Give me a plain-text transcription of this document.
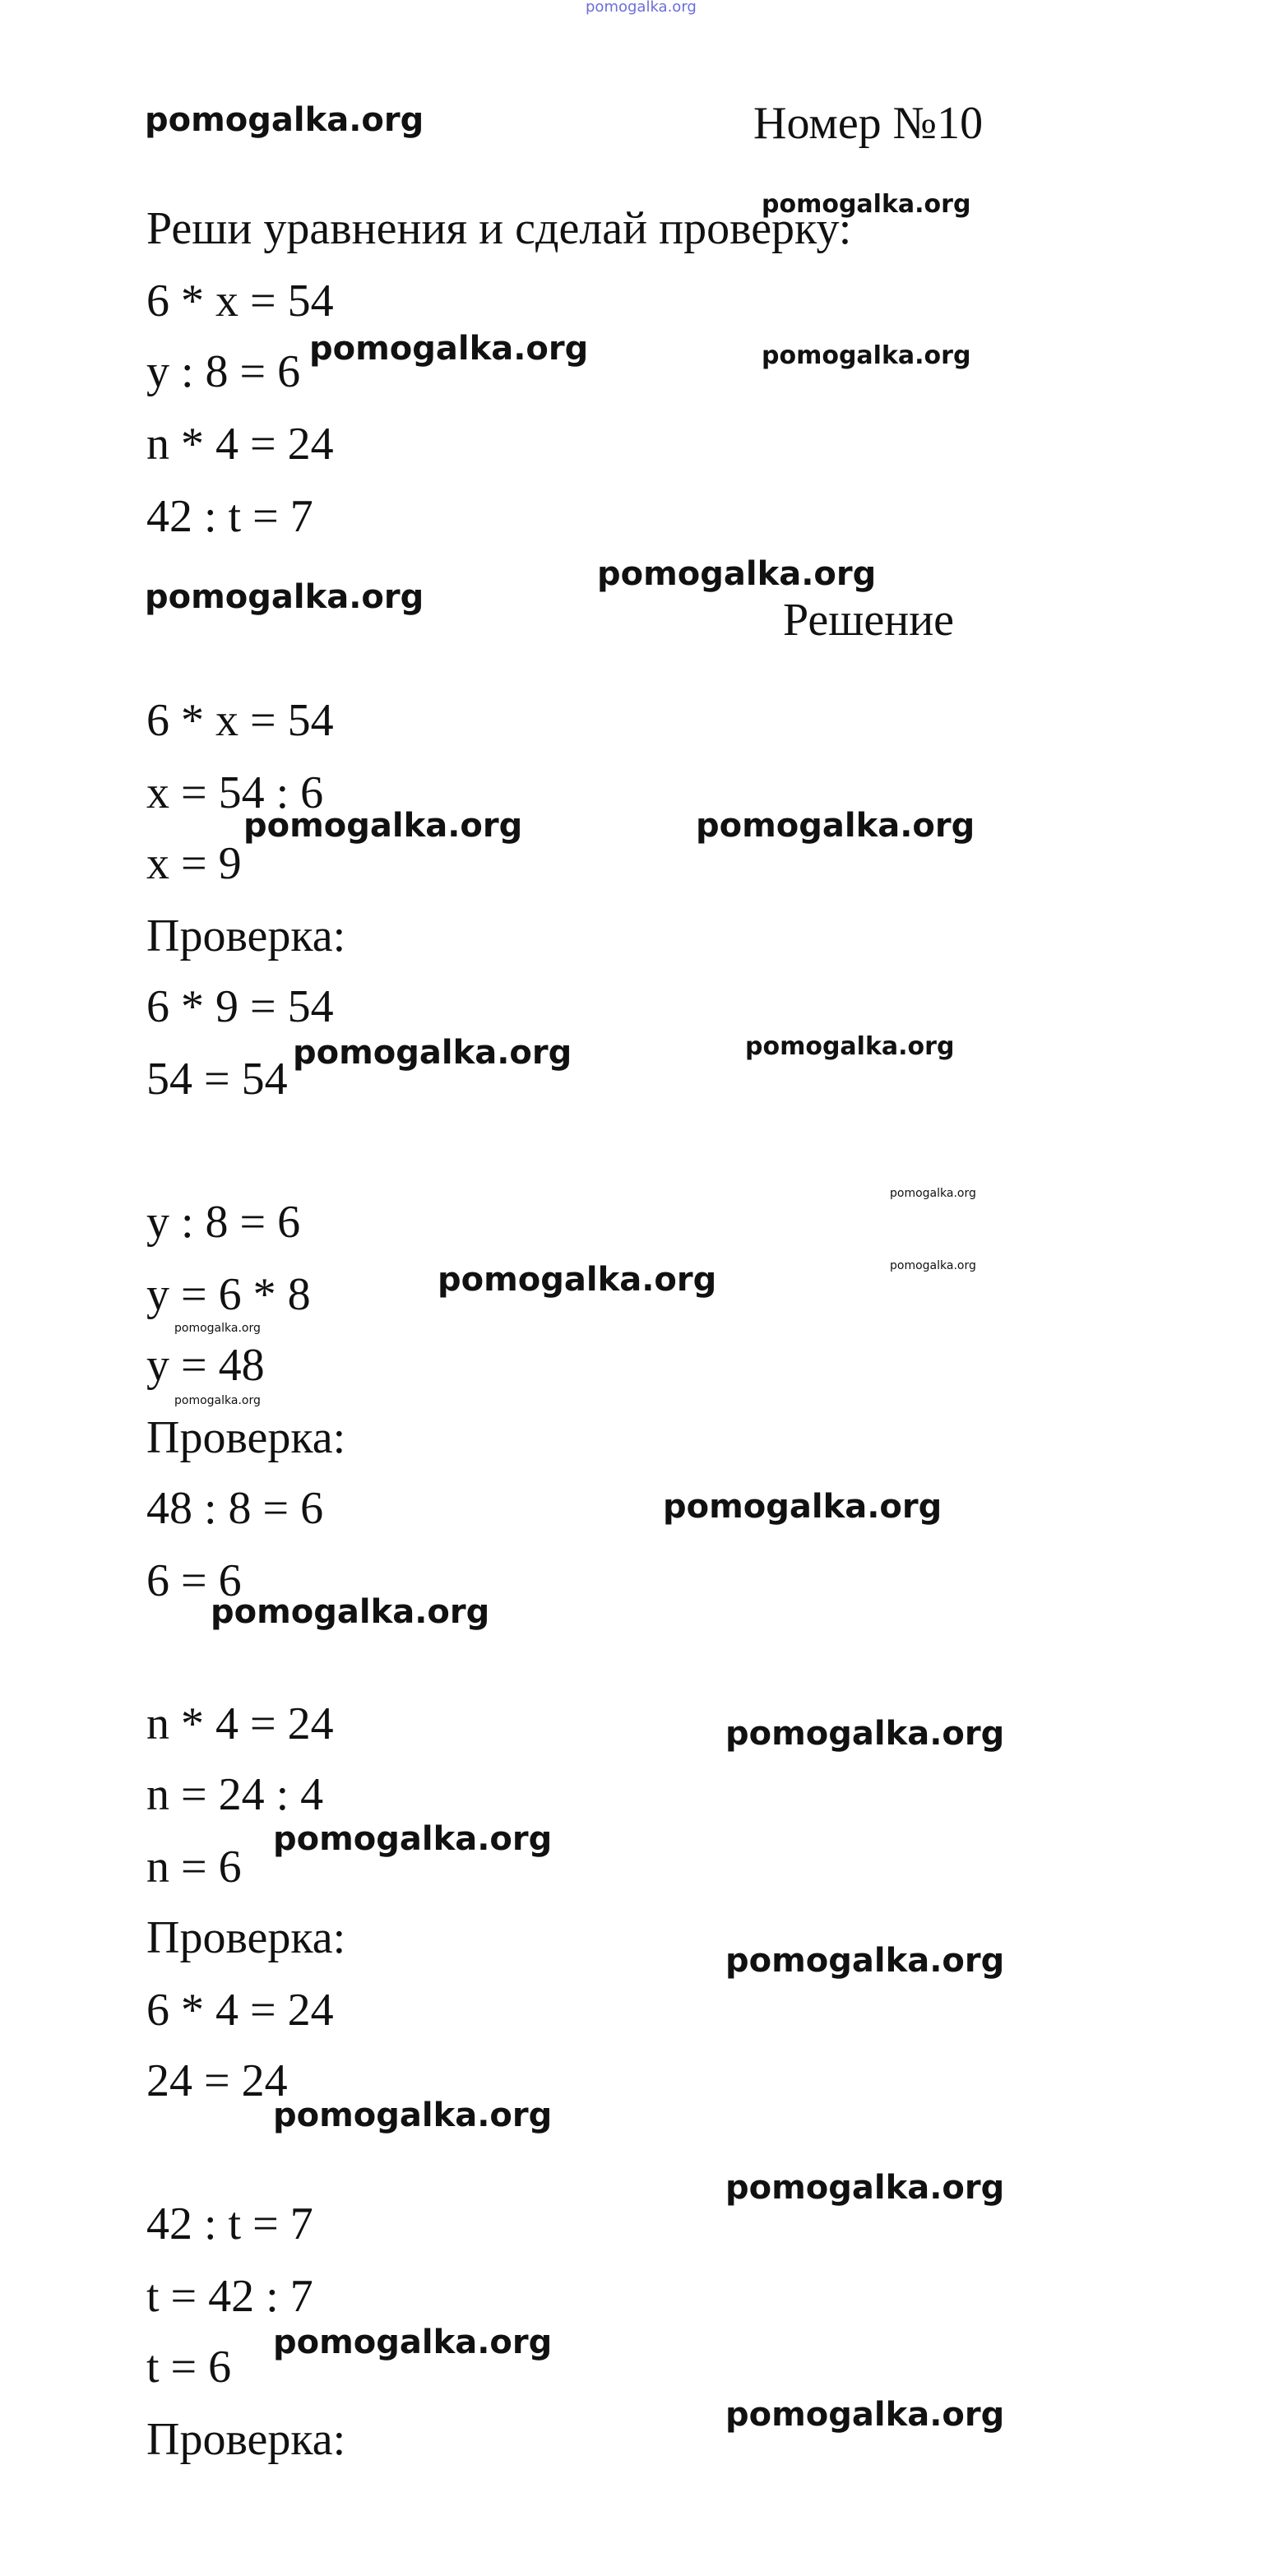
pomogalka.org
pomogalka.org
pomogalka.org
pomogalka.org	pomogalka.org
pomogalka.org
pomogalka.org
pomogalka.org	pomogalka.org
pomogalka.org	pomogalka.org
pomogalka.org
pomogalka.org	pomogalka.org
pomogalka.org
pomogalka.org
pomogalka.org
pomogalka.org
pomogalka.org
pomogalka.org
pomogalka.org
pomogalka.org
pomogalka.org
pomogalka.org
pomogalka.org
Номер №10
Реши уравнения и сделай проверку:
6 * x = 54
y : 8 = 6
n * 4 = 24
42 : t = 7
Решение
6 * x = 54
x = 54 : 6
x = 9
Проверка:
6 * 9 = 54
54 = 54
y : 8 = 6
y = 6 * 8
y = 48
Проверка:
48 : 8 = 6
6 = 6
n * 4 = 24
n = 24 : 4
n = 6
Проверка:
6 * 4 = 24
24 = 24
42 : t = 7
t = 42 : 7
t = 6
Проверка:
